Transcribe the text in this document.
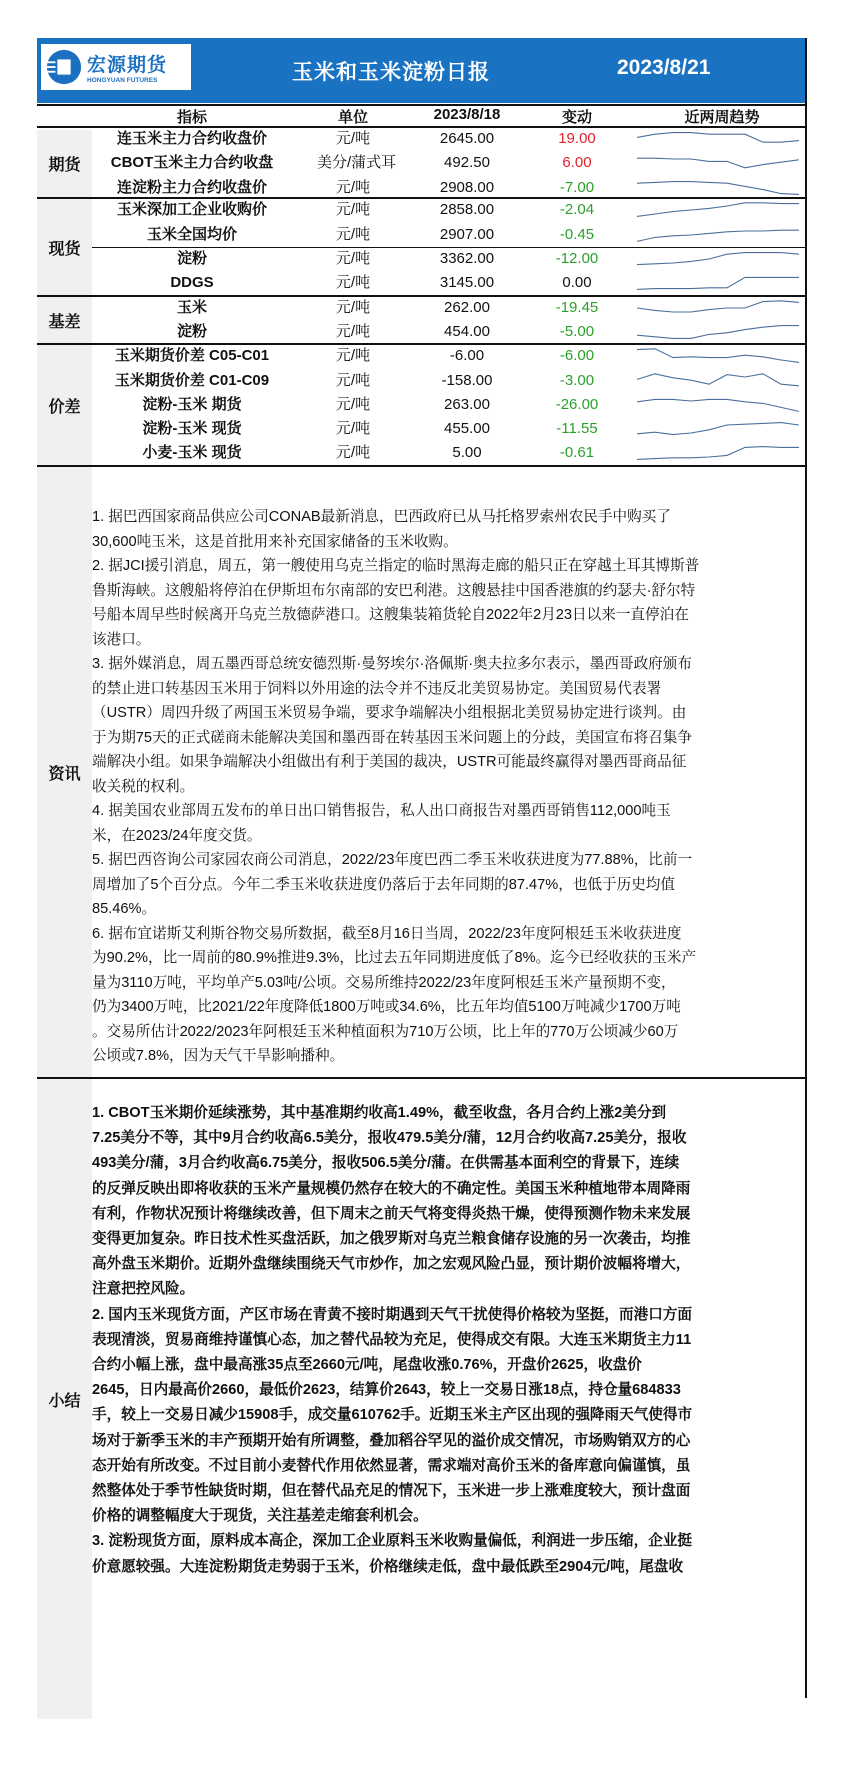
宏源期货
HONGYUAN FUTURES	玉米和玉米淀粉日报	2023/8/21
指标	单位	2023/8/18	变动	近两周趋势
期货
连玉米主力合约收盘价	元/吨	2645.00	19.00
CBOT玉米主力合约收盘	美分/蒲式耳	492.50	6.00
连淀粉主力合约收盘价	元/吨	2908.00	-7.00
现货
玉米深加工企业收购价	元/吨	2858.00	-2.04
玉米全国均价	元/吨	2907.00	-0.45
淀粉	元/吨	3362.00	-12.00
DDGS	元/吨	3145.00	0.00
基差
玉米	元/吨	262.00	-19.45
淀粉	元/吨	454.00	-5.00
价差
玉米期货价差 C05-C01	元/吨	-6.00	-6.00
玉米期货价差 C01-C09	元/吨	-158.00	-3.00
淀粉-玉米 期货	元/吨	263.00	-26.00
淀粉-玉米 现货	元/吨	455.00	-11.55
小麦-玉米 现货	元/吨	5.00	-0.61
资讯
1. 据巴西国家商品供应公司CONAB最新消息，巴西政府已从马托格罗索州农民手中购买了
30,600吨玉米，这是首批用来补充国家储备的玉米收购。
2. 据JCI援引消息，周五，第一艘使用乌克兰指定的临时黑海走廊的船只正在穿越土耳其博斯普
鲁斯海峡。这艘船将停泊在伊斯坦布尔南部的安巴利港。这艘悬挂中国香港旗的约瑟夫·舒尔特
号船本周早些时候离开乌克兰敖德萨港口。这艘集装箱货轮自2022年2月23日以来一直停泊在
该港口。
3. 据外媒消息，周五墨西哥总统安德烈斯·曼努埃尔·洛佩斯·奥夫拉多尔表示，墨西哥政府颁布
的禁止进口转基因玉米用于饲料以外用途的法令并不违反北美贸易协定。美国贸易代表署
（USTR）周四升级了两国玉米贸易争端，要求争端解决小组根据北美贸易协定进行谈判。由
于为期75天的正式磋商未能解决美国和墨西哥在转基因玉米问题上的分歧，美国宣布将召集争
端解决小组。如果争端解决小组做出有利于美国的裁决，USTR可能最终赢得对墨西哥商品征
收关税的权利。
4. 据美国农业部周五发布的单日出口销售报告，私人出口商报告对墨西哥销售112,000吨玉
米，在2023/24年度交货。
5. 据巴西咨询公司家园农商公司消息，2022/23年度巴西二季玉米收获进度为77.88%，比前一
周增加了5个百分点。今年二季玉米收获进度仍落后于去年同期的87.47%，也低于历史均值
85.46%。
6. 据布宜诺斯艾利斯谷物交易所数据，截至8月16日当周，2022/23年度阿根廷玉米收获进度
为90.2%，比一周前的80.9%推进9.3%，比过去五年同期进度低了8%。迄今已经收获的玉米产
量为3110万吨，平均单产5.03吨/公顷。交易所维持2022/23年度阿根廷玉米产量预期不变，
仍为3400万吨，比2021/22年度降低1800万吨或34.6%，比五年均值5100万吨减少1700万吨
。交易所估计2022/2023年阿根廷玉米种植面积为710万公顷，比上年的770万公顷减少60万
公顷或7.8%，因为天气干旱影响播种。
小结
1. CBOT玉米期价延续涨势，其中基准期约收高1.49%，截至收盘，各月合约上涨2美分到
7.25美分不等，其中9月合约收高6.5美分，报收479.5美分/蒲，12月合约收高7.25美分，报收
493美分/蒲，3月合约收高6.75美分，报收506.5美分/蒲。在供需基本面利空的背景下，连续
的反弹反映出即将收获的玉米产量规模仍然存在较大的不确定性。美国玉米种植地带本周降雨
有利，作物状况预计将继续改善，但下周末之前天气将变得炎热干燥，使得预测作物未来发展
变得更加复杂。昨日技术性买盘活跃，加之俄罗斯对乌克兰粮食储存设施的另一次袭击，均推
高外盘玉米期价。近期外盘继续围绕天气市炒作，加之宏观风险凸显，预计期价波幅将增大，
注意把控风险。
2. 国内玉米现货方面，产区市场在青黄不接时期遇到天气干扰使得价格较为坚挺，而港口方面
表现清淡，贸易商维持谨慎心态，加之替代品较为充足，使得成交有限。大连玉米期货主力11
合约小幅上涨，盘中最高涨35点至2660元/吨，尾盘收涨0.76%，开盘价2625，收盘价
2645，日内最高价2660，最低价2623，结算价2643，较上一交易日涨18点，持仓量684833
手，较上一交易日减少15908手，成交量610762手。近期玉米主产区出现的强降雨天气使得市
场对于新季玉米的丰产预期开始有所调整，叠加稻谷罕见的溢价成交情况，市场购销双方的心
态开始有所改变。不过目前小麦替代作用依然显著，需求端对高价玉米的备库意向偏谨慎，虽
然整体处于季节性缺货时期，但在替代品充足的情况下，玉米进一步上涨难度较大，预计盘面
价格的调整幅度大于现货，关注基差走缩套利机会。
3. 淀粉现货方面，原料成本高企，深加工企业原料玉米收购量偏低，利润进一步压缩，企业挺
价意愿较强。大连淀粉期货走势弱于玉米，价格继续走低，盘中最低跌至2904元/吨，尾盘收
